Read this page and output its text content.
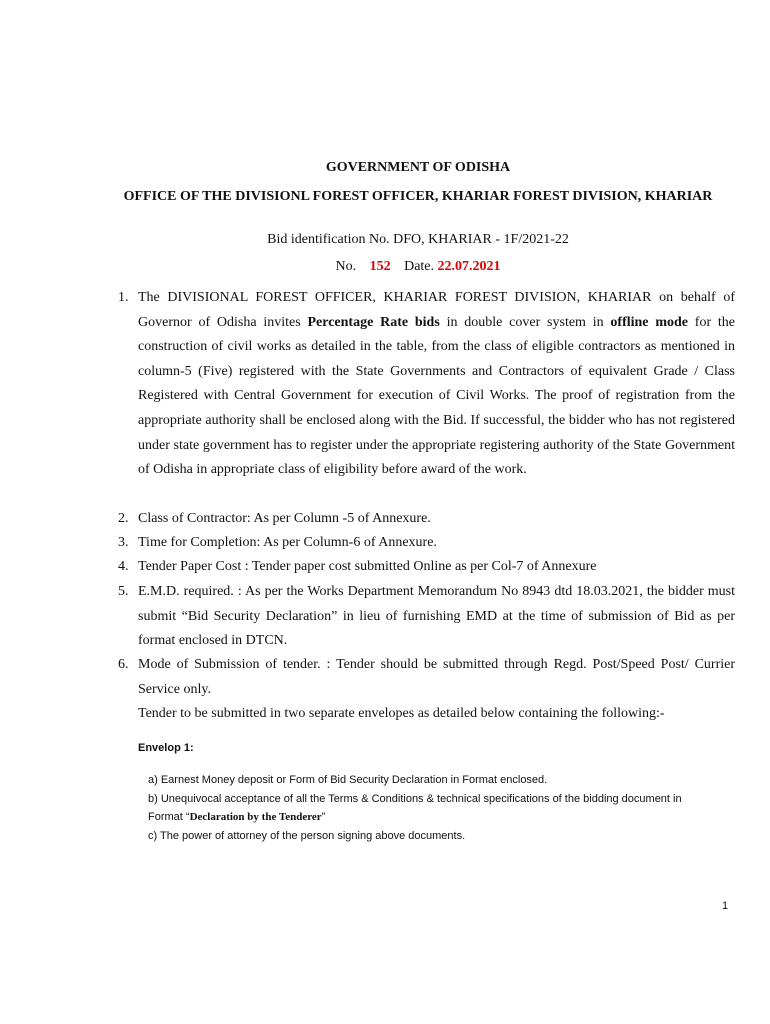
GOVERNMENT OF ODISHA
OFFICE OF THE DIVISIONL FOREST OFFICER, KHARIAR FOREST DIVISION, KHARIAR
Bid identification No. DFO, KHARIAR - 1F/2021-22
No. 152 Date. 22.07.2021
1. The DIVISIONAL FOREST OFFICER, KHARIAR FOREST DIVISION, KHARIAR on behalf of Governor of Odisha invites Percentage Rate bids in double cover system in offline mode for the construction of civil works as detailed in the table, from the class of eligible contractors as mentioned in column-5 (Five) registered with the State Governments and Contractors of equivalent Grade / Class Registered with Central Government for execution of Civil Works. The proof of registration from the appropriate authority shall be enclosed along with the Bid. If successful, the bidder who has not registered under state government has to register under the appropriate registering authority of the State Government of Odisha in appropriate class of eligibility before award of the work.
2. Class of Contractor: As per Column -5 of Annexure.
3. Time for Completion: As per Column-6 of Annexure.
4. Tender Paper Cost : Tender paper cost submitted Online as per Col-7 of Annexure
5. E.M.D. required. : As per the Works Department Memorandum No 8943 dtd 18.03.2021, the bidder must submit “Bid Security Declaration” in lieu of furnishing EMD at the time of submission of Bid as per format enclosed in DTCN.
6. Mode of Submission of tender. : Tender should be submitted through Regd. Post/Speed Post/ Currier Service only.
Tender to be submitted in two separate envelopes as detailed below containing the following:-
Envelop 1:
a) Earnest Money deposit or Form of Bid Security Declaration in Format enclosed.
b) Unequivocal acceptance of all the Terms & Conditions & technical specifications of the bidding document in Format “Declaration by the Tenderer”
c) The power of attorney of the person signing above documents.
1
